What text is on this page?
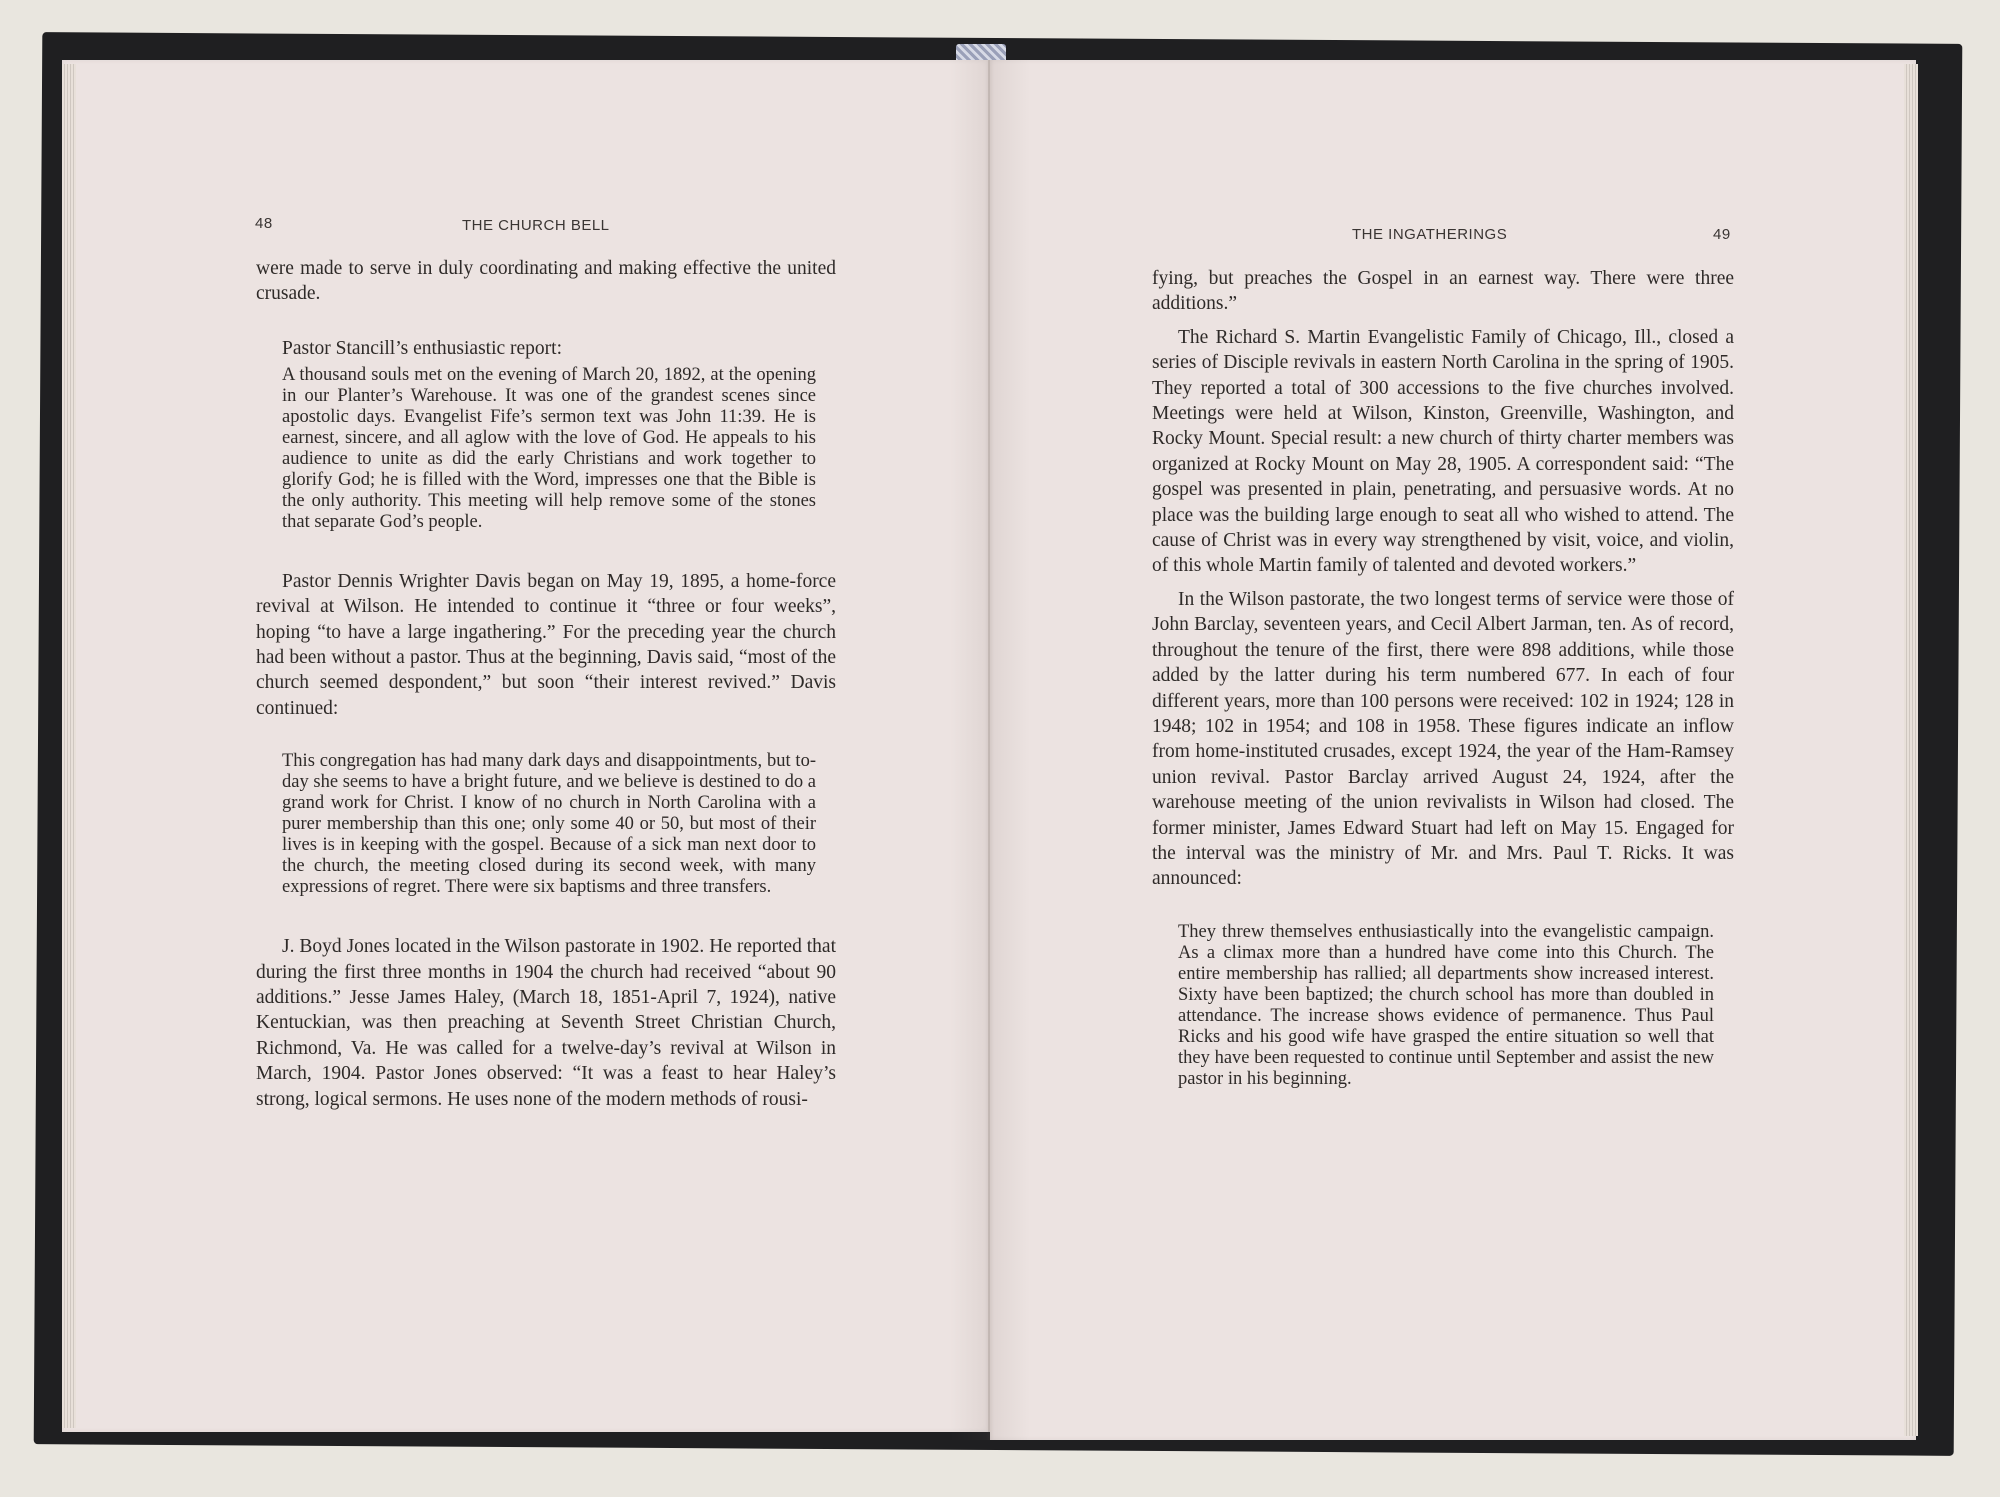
48	THE CHURCH BELL

were made to serve in duly coordinating and making effective the united crusade.

Pastor Stancill’s enthusiastic report:

A thousand souls met on the evening of March 20, 1892, at the opening in our Planter’s Warehouse. It was one of the grandest scenes since apostolic days. Evangelist Fife’s sermon text was John 11:39. He is earnest, sincere, and all aglow with the love of God. He appeals to his audience to unite as did the early Christians and work together to glorify God; he is filled with the Word, impresses one that the Bible is the only authority. This meeting will help remove some of the stones that separate God’s people.

Pastor Dennis Wrighter Davis began on May 19, 1895, a home-force revival at Wilson. He intended to continue it “three or four weeks”, hoping “to have a large ingathering.” For the preceding year the church had been without a pastor. Thus at the beginning, Davis said, “most of the church seemed despondent,” but soon “their interest revived.” Davis continued:

This congregation has had many dark days and disappointments, but to-day she seems to have a bright future, and we believe is destined to do a grand work for Christ. I know of no church in North Carolina with a purer membership than this one; only some 40 or 50, but most of their lives is in keeping with the gospel. Because of a sick man next door to the church, the meeting closed during its second week, with many expressions of regret. There were six baptisms and three transfers.

J. Boyd Jones located in the Wilson pastorate in 1902. He reported that during the first three months in 1904 the church had received “about 90 additions.” Jesse James Haley, (March 18, 1851-April 7, 1924), native Kentuckian, was then preaching at Seventh Street Christian Church, Richmond, Va. He was called for a twelve-day’s revival at Wilson in March, 1904. Pastor Jones observed: “It was a feast to hear Haley’s strong, logical sermons. He uses none of the modern methods of rousi-

THE INGATHERINGS	49

fying, but preaches the Gospel in an earnest way. There were three additions.”

The Richard S. Martin Evangelistic Family of Chicago, Ill., closed a series of Disciple revivals in eastern North Carolina in the spring of 1905. They reported a total of 300 accessions to the five churches involved. Meetings were held at Wilson, Kinston, Greenville, Washington, and Rocky Mount. Special result: a new church of thirty charter members was organized at Rocky Mount on May 28, 1905. A correspondent said: “The gospel was presented in plain, penetrating, and persuasive words. At no place was the building large enough to seat all who wished to attend. The cause of Christ was in every way strengthened by visit, voice, and violin, of this whole Martin family of talented and devoted workers.”

In the Wilson pastorate, the two longest terms of service were those of John Barclay, seventeen years, and Cecil Albert Jarman, ten. As of record, throughout the tenure of the first, there were 898 additions, while those added by the latter during his term numbered 677. In each of four different years, more than 100 persons were received: 102 in 1924; 128 in 1948; 102 in 1954; and 108 in 1958. These figures indicate an inflow from home-instituted crusades, except 1924, the year of the Ham-Ramsey union revival. Pastor Barclay arrived August 24, 1924, after the warehouse meeting of the union revivalists in Wilson had closed. The former minister, James Edward Stuart had left on May 15. Engaged for the interval was the ministry of Mr. and Mrs. Paul T. Ricks. It was announced:

They threw themselves enthusiastically into the evangelistic campaign. As a climax more than a hundred have come into this Church. The entire membership has rallied; all departments show increased interest. Sixty have been baptized; the church school has more than doubled in attendance. The increase shows evidence of permanence. Thus Paul Ricks and his good wife have grasped the entire situation so well that they have been requested to continue until September and assist the new pastor in his beginning.
